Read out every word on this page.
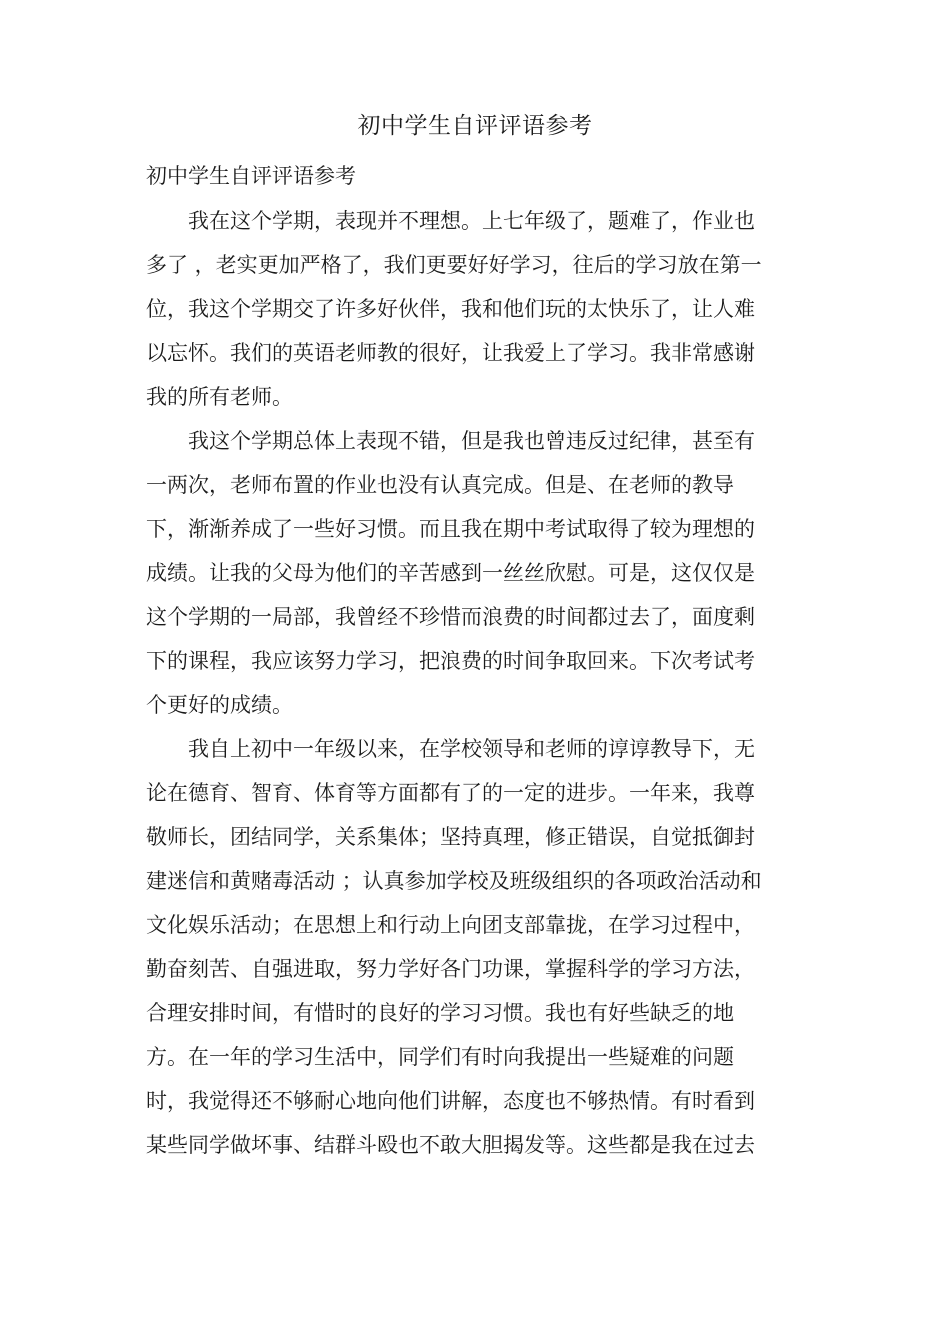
初中学生自评评语参考
初中学生自评评语参考
我在这个学期，表现并不理想。上七年级了，题难了，作业也
多了 ，老实更加严格了，我们更要好好学习，往后的学习放在第一
位，我这个学期交了许多好伙伴，我和他们玩的太快乐了，让人难
以忘怀。我们的英语老师教的很好，让我爱上了学习。我非常感谢
我的所有老师。
我这个学期总体上表现不错，但是我也曾违反过纪律，甚至有
一两次，老师布置的作业也没有认真完成。但是、在老师的教导
下，渐渐养成了一些好习惯。而且我在期中考试取得了较为理想的
成绩。让我的父母为他们的辛苦感到一丝丝欣慰。可是，这仅仅是
这个学期的一局部，我曾经不珍惜而浪费的时间都过去了，面度剩
下的课程，我应该努力学习，把浪费的时间争取回来。下次考试考
个更好的成绩。
我自上初中一年级以来，在学校领导和老师的谆谆教导下，无
论在德育、智育、体育等方面都有了的一定的进步。一年来，我尊
敬师长，团结同学，关系集体；坚持真理，修正错误，自觉抵御封
建迷信和黄赌毒活动 ；认真参加学校及班级组织的各项政治活动和
文化娱乐活动；在思想上和行动上向团支部靠拢，在学习过程中，
勤奋刻苦、自强进取，努力学好各门功课，掌握科学的学习方法，
合理安排时间，有惜时的良好的学习习惯。我也有好些缺乏的地
方。在一年的学习生活中，同学们有时向我提出一些疑难的问题
时，我觉得还不够耐心地向他们讲解，态度也不够热情。有时看到
某些同学做坏事、结群斗殴也不敢大胆揭发等。这些都是我在过去
